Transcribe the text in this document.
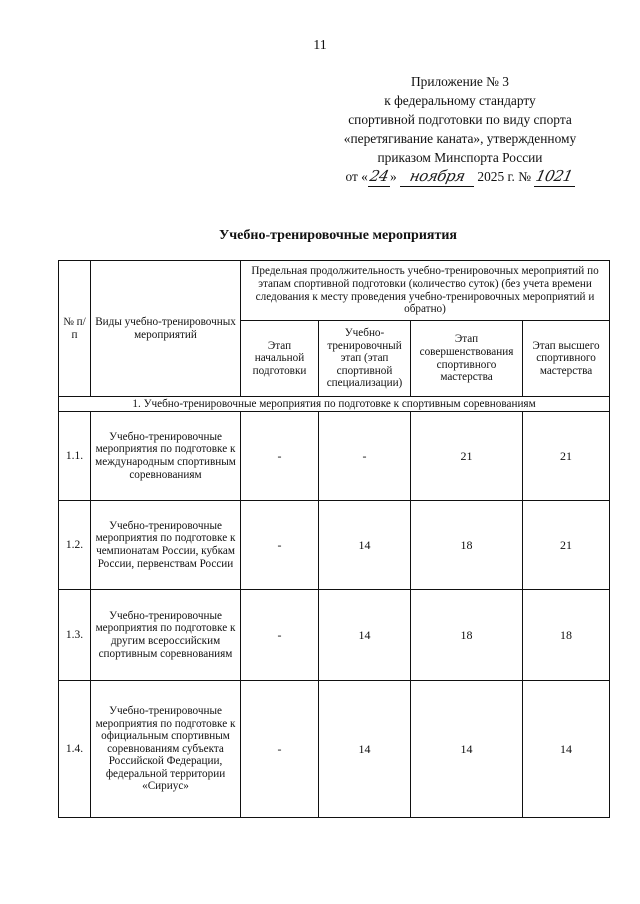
11
Приложение № 3
к федеральному стандарту
спортивной подготовки по виду спорта
«перетягивание каната», утвержденному
приказом Минспорта России
от «24» ноября 2025 г. № 1021
Учебно-тренировочные мероприятия
№ п/п	Виды учебно-тренировочных мероприятий	Предельная продолжительность учебно-тренировочных мероприятий по этапам спортивной подготовки (количество суток) (без учета времени следования к месту проведения учебно-тренировочных мероприятий и обратно)			
		Этап начальной подготовки	Учебно-тренировочный этап (этап спортивной специализации)	Этап совершенствования спортивного мастерства	Этап высшего спортивного мастерства
1. Учебно-тренировочные мероприятия по подготовке к спортивным соревнованиям					
1.1.	Учебно-тренировочные мероприятия по подготовке к международным спортивным соревнованиям	-	-	21	21
1.2.	Учебно-тренировочные мероприятия по подготовке к чемпионатам России, кубкам России, первенствам России	-	14	18	21
1.3.	Учебно-тренировочные мероприятия по подготовке к другим всероссийским спортивным соревнованиям	-	14	18	18
1.4.	Учебно-тренировочные мероприятия по подготовке к официальным спортивным соревнованиям субъекта Российской Федерации, федеральной территории «Сириус»	-	14	14	14
